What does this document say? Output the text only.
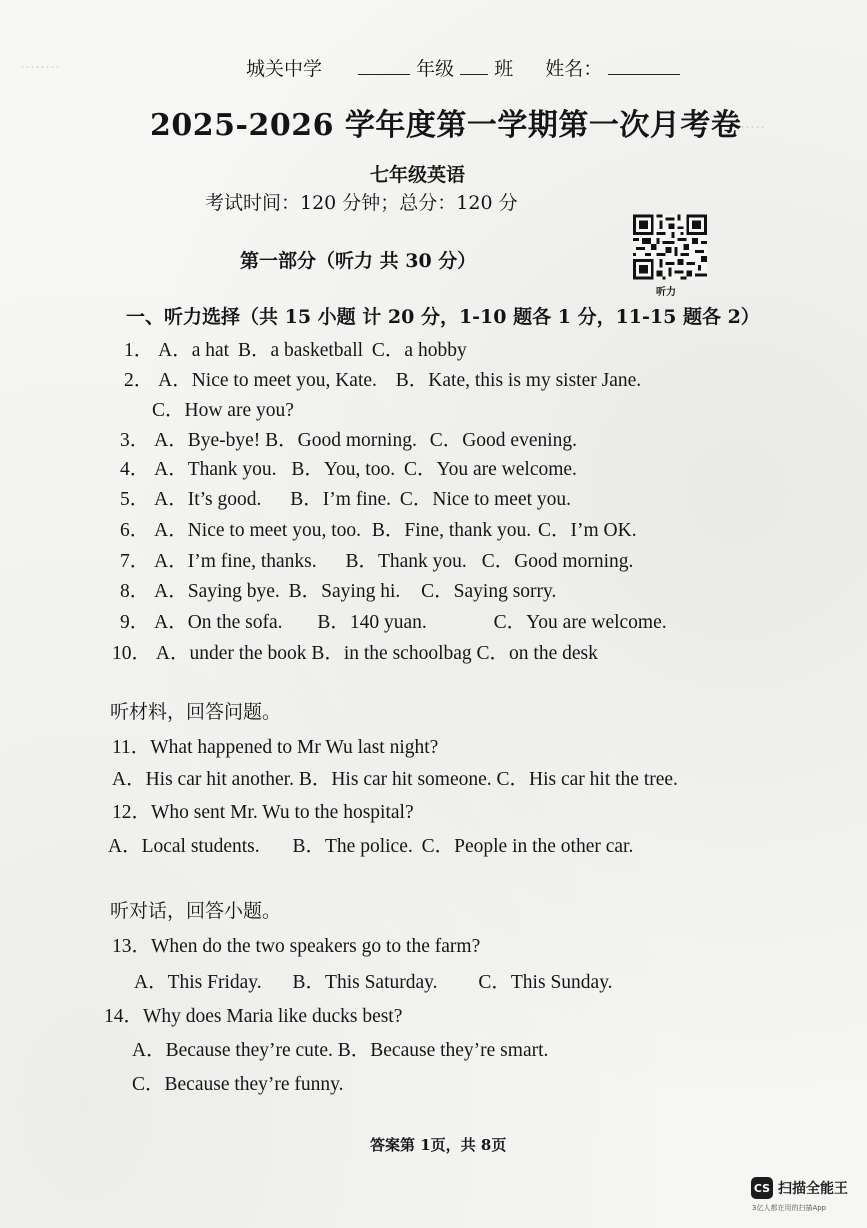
·····
········	城关中学	年级 班 姓名：
2025-2026 学年度第一学期第一次月考卷
七年级英语
考试时间：120 分钟；总分：120 分
听力
第一部分（听力 共 30 分）
一、听力选择（共 15 小题 计 20 分，1-10 题各 1 分，11-15 题各 2）
1． A．a hat B．a basketball C．a hobby
2． A．Nice to meet you, Kate. B．Kate, this is my sister Jane.
C．How are you?
3． A．Bye-bye! B．Good morning. C．Good evening.
4． A．Thank you. B．You, too. C．You are welcome.
5． A．It’s good. B．I’m fine. C．Nice to meet you.
6． A．Nice to meet you, too. B．Fine, thank you. C．I’m OK.
7． A．I’m fine, thanks. B．Thank you. C．Good morning.
8． A．Saying bye. B．Saying hi. C．Saying sorry.
9． A．On the sofa. B．140 yuan.	C．You are welcome.
10． A．under the book B．in the schoolbag C．on the desk
听材料，回答问题。
11．What happened to Mr Wu last night?
A．His car hit another. B．His car hit someone. C．His car hit the tree.
12．Who sent Mr. Wu to the hospital?
A．Local students. B．The police. C．People in the other car.
听对话，回答小题。
13．When do the two speakers go to the farm?
A．This Friday. B．This Saturday. C．This Sunday.
14．Why does Maria like ducks best?
A．Because they’re cute. B．Because they’re smart.
C．Because they’re funny.
答案第 1页，共 8页
CS 扫描全能王
3亿人都在用的扫描App
